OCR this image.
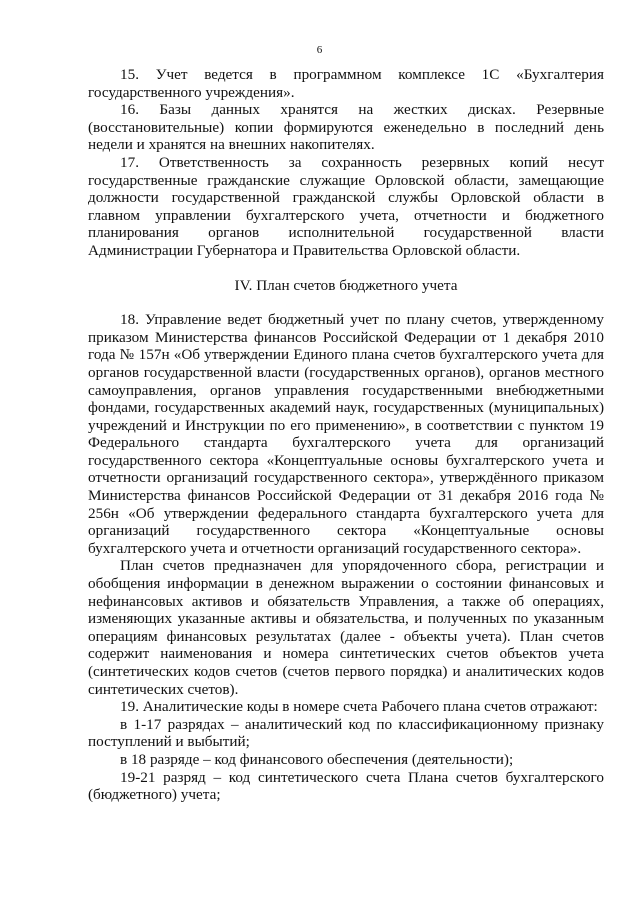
6

15. Учет ведется в программном комплексе 1С «Бухгалтерия государственного учреждения».

16. Базы данных хранятся на жестких дисках. Резервные (восстановительные) копии формируются еженедельно в последний день недели и хранятся на внешних накопителях.

17. Ответственность за сохранность резервных копий несут государственные гражданские служащие Орловской области, замещающие должности государственной гражданской службы Орловской области в главном управлении бухгалтерского учета, отчетности и бюджетного планирования органов исполнительной государственной власти Администрации Губернатора и Правительства Орловской области.

IV. План счетов бюджетного учета

18. Управление ведет бюджетный учет по плану счетов, утвержденному приказом Министерства финансов Российской Федерации от 1 декабря 2010 года № 157н «Об утверждении Единого плана счетов бухгалтерского учета для органов государственной власти (государственных органов), органов местного самоуправления, органов управления государственными внебюджетными фондами, государственных академий наук, государственных (муниципальных) учреждений и Инструкции по его применению», в соответствии с пунктом 19 Федерального стандарта бухгалтерского учета для организаций государственного сектора «Концептуальные основы бухгалтерского учета и отчетности организаций государственного сектора», утверждённого приказом Министерства финансов Российской Федерации от 31 декабря 2016 года № 256н «Об утверждении федерального стандарта бухгалтерского учета для организаций государственного сектора «Концептуальные основы бухгалтерского учета и отчетности организаций государственного сектора».

План счетов предназначен для упорядоченного сбора, регистрации и обобщения информации в денежном выражении о состоянии финансовых и нефинансовых активов и обязательств Управления, а также об операциях, изменяющих указанные активы и обязательства, и полученных по указанным операциям финансовых результатах (далее - объекты учета). План счетов содержит наименования и номера синтетических счетов объектов учета (синтетических кодов счетов (счетов первого порядка) и аналитических кодов синтетических счетов).

19. Аналитические коды в номере счета Рабочего плана счетов отражают:

в 1-17 разрядах – аналитический код по классификационному признаку поступлений и выбытий;

в 18 разряде – код финансового обеспечения (деятельности);

19-21 разряд – код синтетического счета Плана счетов бухгалтерского (бюджетного) учета;
